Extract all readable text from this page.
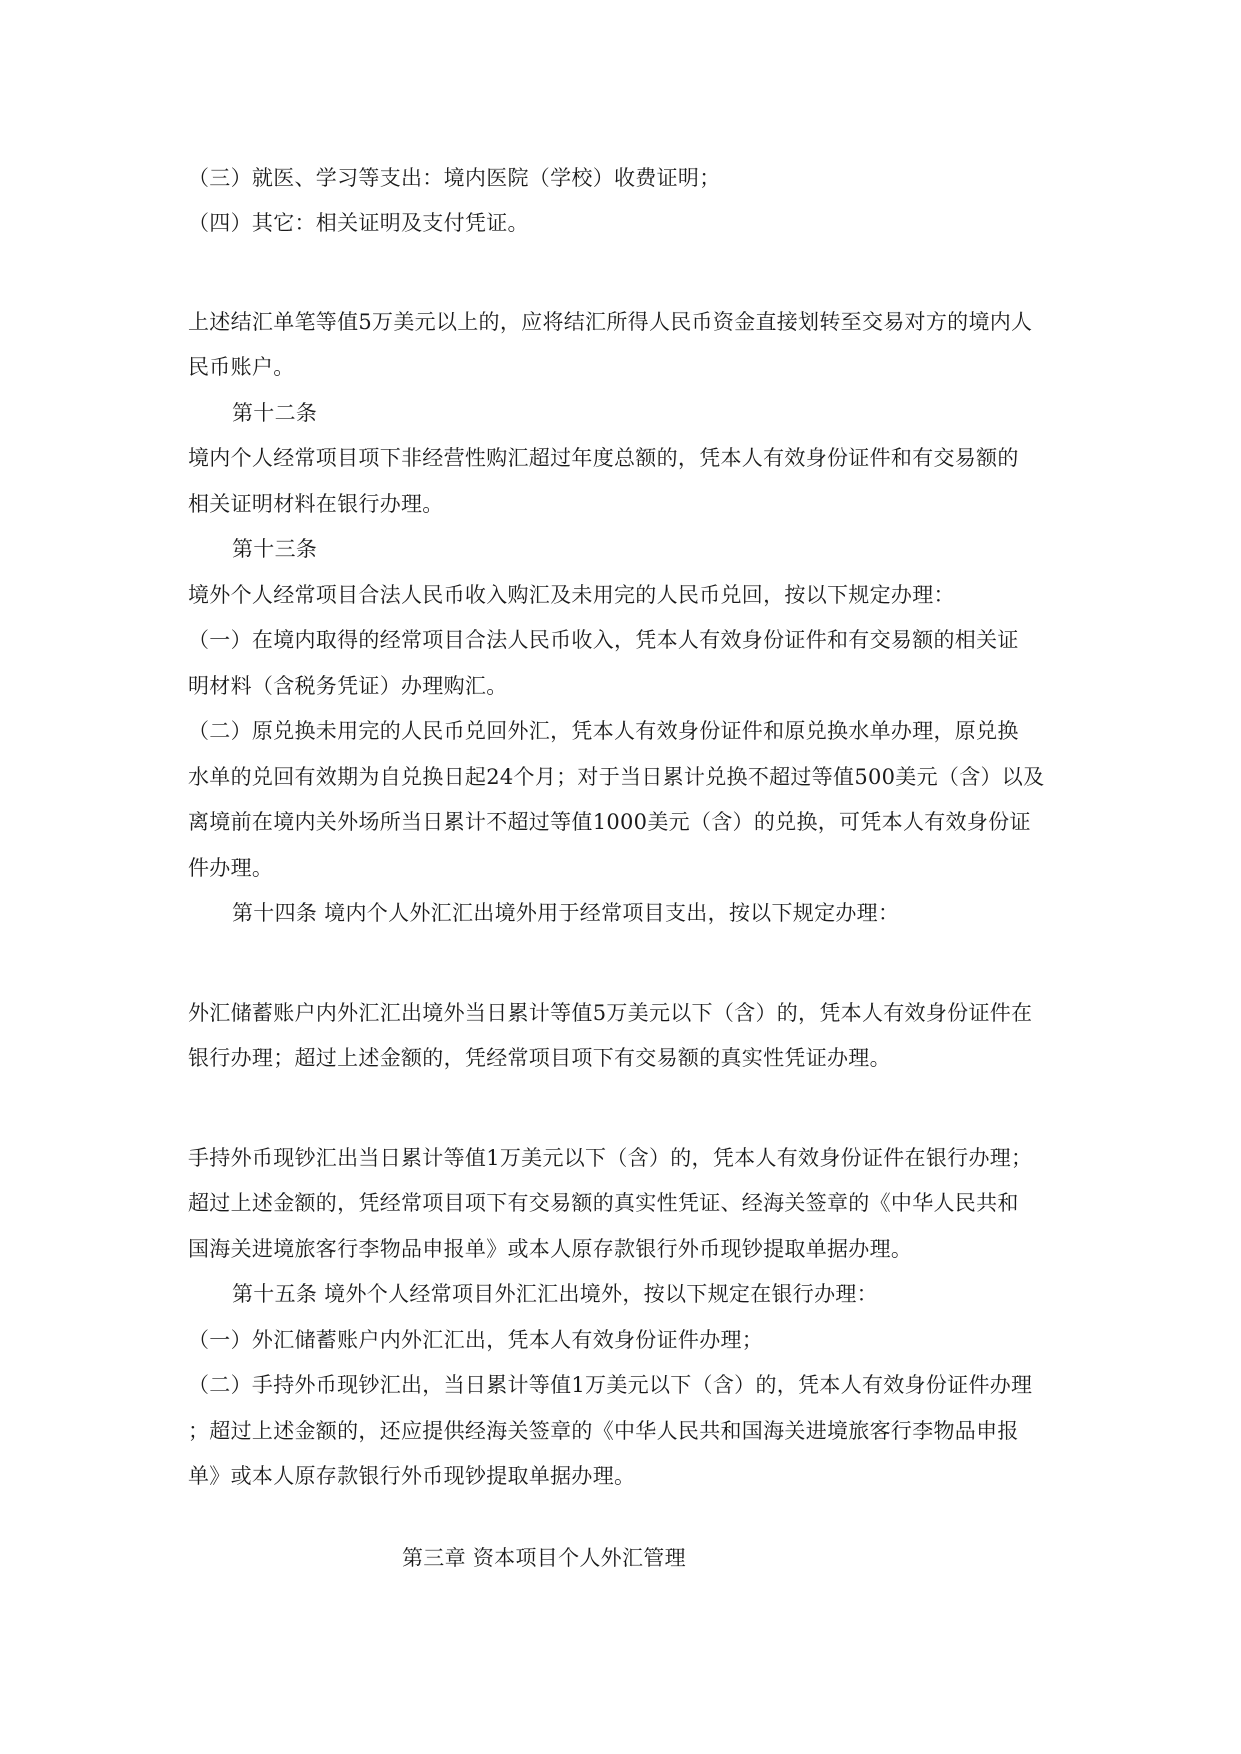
（三）就医、学习等支出：境内医院（学校）收费证明；
（四）其它：相关证明及支付凭证。
上述结汇单笔等值5万美元以上的，应将结汇所得人民币资金直接划转至交易对方的境内人
民币账户。
第十二条
境内个人经常项目项下非经营性购汇超过年度总额的，凭本人有效身份证件和有交易额的
相关证明材料在银行办理。
第十三条
境外个人经常项目合法人民币收入购汇及未用完的人民币兑回，按以下规定办理：
（一）在境内取得的经常项目合法人民币收入，凭本人有效身份证件和有交易额的相关证
明材料（含税务凭证）办理购汇。
（二）原兑换未用完的人民币兑回外汇，凭本人有效身份证件和原兑换水单办理，原兑换
水单的兑回有效期为自兑换日起24个月；对于当日累计兑换不超过等值500美元（含）以及
离境前在境内关外场所当日累计不超过等值1000美元（含）的兑换，可凭本人有效身份证
件办理。
第十四条 境内个人外汇汇出境外用于经常项目支出，按以下规定办理：
外汇储蓄账户内外汇汇出境外当日累计等值5万美元以下（含）的，凭本人有效身份证件在
银行办理；超过上述金额的，凭经常项目项下有交易额的真实性凭证办理。
手持外币现钞汇出当日累计等值1万美元以下（含）的，凭本人有效身份证件在银行办理；
超过上述金额的，凭经常项目项下有交易额的真实性凭证、经海关签章的《中华人民共和
国海关进境旅客行李物品申报单》或本人原存款银行外币现钞提取单据办理。
第十五条 境外个人经常项目外汇汇出境外，按以下规定在银行办理：
（一）外汇储蓄账户内外汇汇出，凭本人有效身份证件办理；
（二）手持外币现钞汇出，当日累计等值1万美元以下（含）的，凭本人有效身份证件办理
；超过上述金额的，还应提供经海关签章的《中华人民共和国海关进境旅客行李物品申报
单》或本人原存款银行外币现钞提取单据办理。
第三章 资本项目个人外汇管理
